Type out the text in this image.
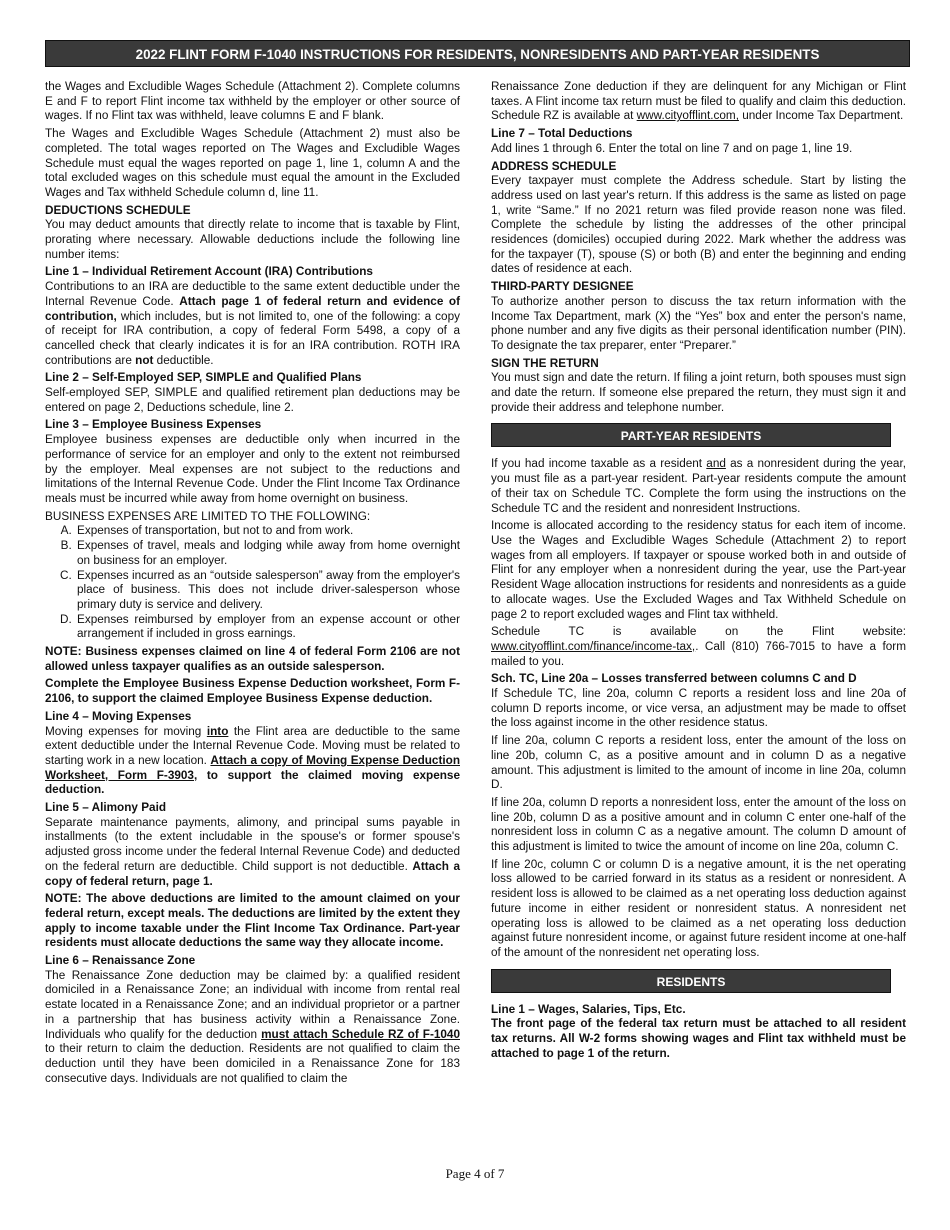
2022 FLINT FORM F-1040 INSTRUCTIONS FOR RESIDENTS, NONRESIDENTS AND PART-YEAR RESIDENTS

the Wages and Excludible Wages Schedule (Attachment 2). Complete columns E and F to report Flint income tax withheld by the employer or other source of wages. If no Flint tax was withheld, leave columns E and F blank.

The Wages and Excludible Wages Schedule (Attachment 2) must also be completed. The total wages reported on The Wages and Excludible Wages Schedule must equal the wages reported on page 1, line 1, column A and the total excluded wages on this schedule must equal the amount in the Excluded Wages and Tax withheld Schedule column d, line 11.

DEDUCTIONS SCHEDULE

You may deduct amounts that directly relate to income that is taxable by Flint, prorating where necessary. Allowable deductions include the following line number items:

Line 1 – Individual Retirement Account (IRA) Contributions

Contributions to an IRA are deductible to the same extent deductible under the Internal Revenue Code. Attach page 1 of federal return and evidence of contribution, which includes, but is not limited to, one of the following: a copy of receipt for IRA contribution, a copy of federal Form 5498, a copy of a cancelled check that clearly indicates it is for an IRA contribution. ROTH IRA contributions are not deductible.

Line 2 – Self-Employed SEP, SIMPLE and Qualified Plans

Self-employed SEP, SIMPLE and qualified retirement plan deductions may be entered on page 2, Deductions schedule, line 2.

Line 3 – Employee Business Expenses

Employee business expenses are deductible only when incurred in the performance of service for an employer and only to the extent not reimbursed by the employer. Meal expenses are not subject to the reductions and limitations of the Internal Revenue Code. Under the Flint Income Tax Ordinance meals must be incurred while away from home overnight on business.

BUSINESS EXPENSES ARE LIMITED TO THE FOLLOWING:
A. Expenses of transportation, but not to and from work.
B. Expenses of travel, meals and lodging while away from home overnight on business for an employer.
C. Expenses incurred as an “outside salesperson” away from the employer's place of business. This does not include driver-salesperson whose primary duty is service and delivery.
D. Expenses reimbursed by employer from an expense account or other arrangement if included in gross earnings.

NOTE: Business expenses claimed on line 4 of federal Form 2106 are not allowed unless taxpayer qualifies as an outside salesperson.

Complete the Employee Business Expense Deduction worksheet, Form F-2106, to support the claimed Employee Business Expense deduction.

Line 4 – Moving Expenses

Moving expenses for moving into the Flint area are deductible to the same extent deductible under the Internal Revenue Code. Moving must be related to starting work in a new location. Attach a copy of Moving Expense Deduction Worksheet, Form F-3903, to support the claimed moving expense deduction.

Line 5 – Alimony Paid

Separate maintenance payments, alimony, and principal sums payable in installments (to the extent includable in the spouse's or former spouse's adjusted gross income under the federal Internal Revenue Code) and deducted on the federal return are deductible. Child support is not deductible. Attach a copy of federal return, page 1.

NOTE: The above deductions are limited to the amount claimed on your federal return, except meals. The deductions are limited by the extent they apply to income taxable under the Flint Income Tax Ordinance. Part-year residents must allocate deductions the same way they allocate income.

Line 6 – Renaissance Zone

The Renaissance Zone deduction may be claimed by: a qualified resident domiciled in a Renaissance Zone; an individual with income from rental real estate located in a Renaissance Zone; and an individual proprietor or a partner in a partnership that has business activity within a Renaissance Zone. Individuals who qualify for the deduction must attach Schedule RZ of F-1040 to their return to claim the deduction. Residents are not qualified to claim the deduction until they have been domiciled in a Renaissance Zone for 183 consecutive days. Individuals are not qualified to claim the

Renaissance Zone deduction if they are delinquent for any Michigan or Flint taxes. A Flint income tax return must be filed to qualify and claim this deduction. Schedule RZ is available at www.cityofflint.com, under Income Tax Department.

Line 7 – Total Deductions

Add lines 1 through 6. Enter the total on line 7 and on page 1, line 19.

ADDRESS SCHEDULE

Every taxpayer must complete the Address schedule. Start by listing the address used on last year's return. If this address is the same as listed on page 1, write “Same.” If no 2021 return was filed provide reason none was filed. Complete the schedule by listing the addresses of the other principal residences (domiciles) occupied during 2022. Mark whether the address was for the taxpayer (T), spouse (S) or both (B) and enter the beginning and ending dates of residence at each.

THIRD-PARTY DESIGNEE

To authorize another person to discuss the tax return information with the Income Tax Department, mark (X) the “Yes” box and enter the person's name, phone number and any five digits as their personal identification number (PIN). To designate the tax preparer, enter “Preparer.”

SIGN THE RETURN

You must sign and date the return. If filing a joint return, both spouses must sign and date the return. If someone else prepared the return, they must sign it and provide their address and telephone number.

PART-YEAR RESIDENTS

If you had income taxable as a resident and as a nonresident during the year, you must file as a part-year resident. Part-year residents compute the amount of their tax on Schedule TC. Complete the form using the instructions on the Schedule TC and the resident and nonresident Instructions.

Income is allocated according to the residency status for each item of income. Use the Wages and Excludible Wages Schedule (Attachment 2) to report wages from all employers. If taxpayer or spouse worked both in and outside of Flint for any employer when a nonresident during the year, use the Part-year Resident Wage allocation instructions for residents and nonresidents as a guide to allocate wages. Use the Excluded Wages and Tax Withheld Schedule on page 2 to report excluded wages and Flint tax withheld.

Schedule TC is available on the Flint website: www.cityofflint.com/finance/income-tax,. Call (810) 766-7015 to have a form mailed to you.

Sch. TC, Line 20a – Losses transferred between columns C and D

If Schedule TC, line 20a, column C reports a resident loss and line 20a of column D reports income, or vice versa, an adjustment may be made to offset the loss against income in the other residence status.

If line 20a, column C reports a resident loss, enter the amount of the loss on line 20b, column C, as a positive amount and in column D as a negative amount. This adjustment is limited to the amount of income in line 20a, column D.

If line 20a, column D reports a nonresident loss, enter the amount of the loss on line 20b, column D as a positive amount and in column C enter one-half of the nonresident loss in column C as a negative amount. The column D amount of this adjustment is limited to twice the amount of income on line 20a, column C.

If line 20c, column C or column D is a negative amount, it is the net operating loss allowed to be carried forward in its status as a resident or nonresident. A resident loss is allowed to be claimed as a net operating loss deduction against future income in either resident or nonresident status. A nonresident net operating loss is allowed to be claimed as a net operating loss deduction against future nonresident income, or against future resident income at one-half of the amount of the nonresident net operating loss.

RESIDENTS
Line 1 – Wages, Salaries, Tips, Etc.

The front page of the federal tax return must be attached to all resident tax returns. All W-2 forms showing wages and Flint tax withheld must be attached to page 1 of the return.

Page 4 of 7
